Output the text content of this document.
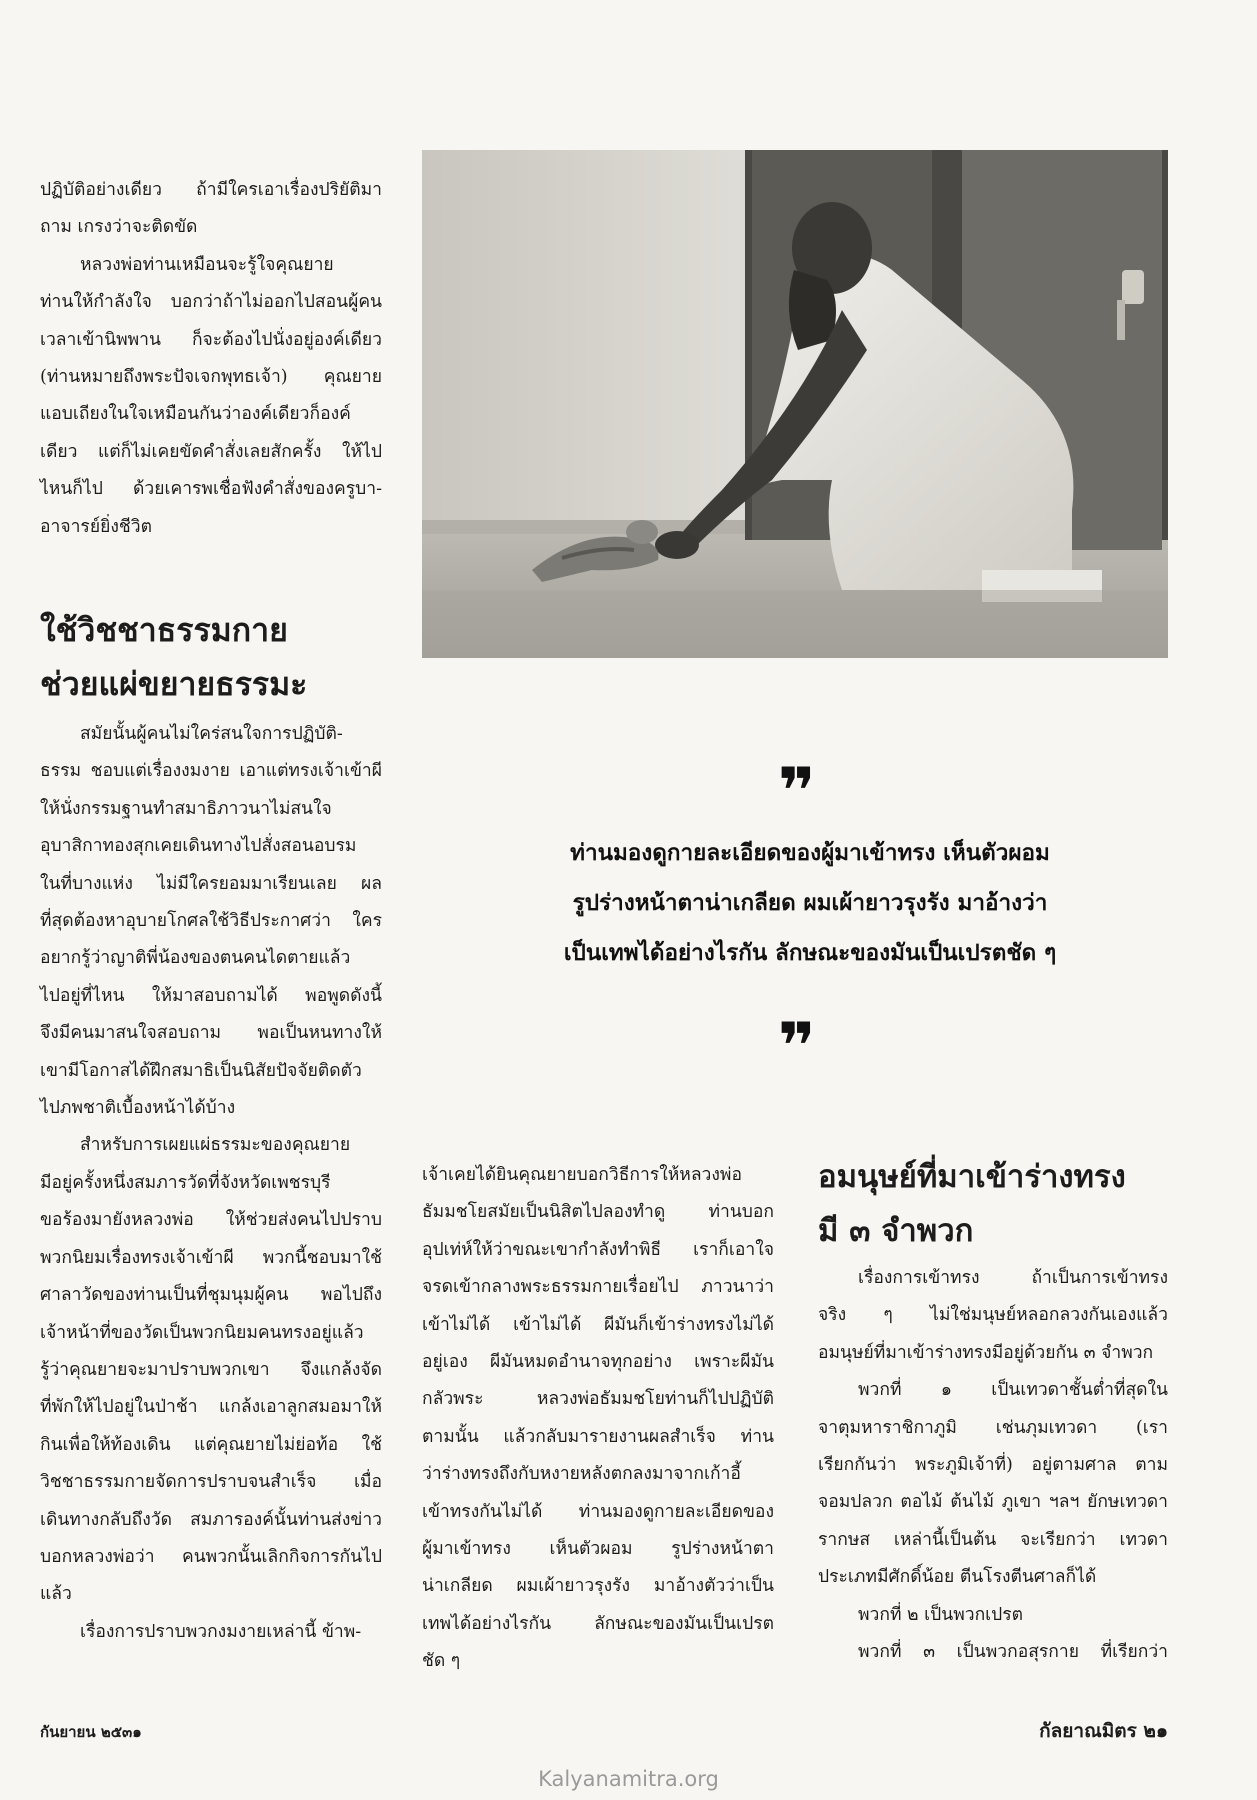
ปฏิบัติอย่างเดียว ถ้ามีใครเอาเรื่องปริยัติมา

ถาม เกรงว่าจะติดขัด

หลวงพ่อท่านเหมือนจะรู้ใจคุณยาย

ท่านให้กำลังใจ บอกว่าถ้าไม่ออกไปสอนผู้คน

เวลาเข้านิพพาน ก็จะต้องไปนั่งอยู่องค์เดียว

(ท่านหมายถึงพระปัจเจกพุทธเจ้า) คุณยาย

แอบเถียงในใจเหมือนกันว่าองค์เดียวก็องค์

เดียว แต่ก็ไม่เคยขัดคำสั่งเลยสักครั้ง ให้ไป

ไหนก็ไป ด้วยเคารพเชื่อฟังคำสั่งของครูบา-

อาจารย์ยิ่งชีวิต

ใช้วิชชาธรรมกาย
ช่วยแผ่ขยายธรรมะ

สมัยนั้นผู้คนไม่ใคร่สนใจการปฏิบัติ-

ธรรม ชอบแต่เรื่องงมงาย เอาแต่ทรงเจ้าเข้าผี

ให้นั่งกรรมฐานทำสมาธิภาวนาไม่สนใจ

อุบาสิกาทองสุกเคยเดินทางไปสั่งสอนอบรม

ในที่บางแห่ง ไม่มีใครยอมมาเรียนเลย ผล

ที่สุดต้องหาอุบายโกศลใช้วิธีประกาศว่า ใคร

อยากรู้ว่าญาติพี่น้องของตนคนไดตายแล้ว

ไปอยู่ที่ไหน ให้มาสอบถามได้ พอพูดดังนี้

จึงมีคนมาสนใจสอบถาม พอเป็นหนทางให้

เขามีโอกาสได้ฝึกสมาธิเป็นนิสัยปัจจัยติดตัว

ไปภพชาติเบื้องหน้าได้บ้าง

สำหรับการเผยแผ่ธรรมะของคุณยาย

มีอยู่ครั้งหนึ่งสมภารวัดที่จังหวัดเพชรบุรี

ขอร้องมายังหลวงพ่อ ให้ช่วยส่งคนไปปราบ

พวกนิยมเรื่องทรงเจ้าเข้าผี พวกนี้ชอบมาใช้

ศาลาวัดของท่านเป็นที่ชุมนุมผู้คน พอไปถึง

เจ้าหน้าที่ของวัดเป็นพวกนิยมคนทรงอยู่แล้ว

รู้ว่าคุณยายจะมาปราบพวกเขา จึงแกล้งจัด

ที่พักให้ไปอยู่ในป่าช้า แกล้งเอาลูกสมอมาให้

กินเพื่อให้ท้องเดิน แต่คุณยายไม่ย่อท้อ ใช้

วิชชาธรรมกายจัดการปราบจนสำเร็จ เมื่อ

เดินทางกลับถึงวัด สมภารองค์นั้นท่านส่งข่าว

บอกหลวงพ่อว่า คนพวกนั้นเลิกกิจการกันไป

แล้ว

เรื่องการปราบพวกงมงายเหล่านี้ ข้าพ-

❞

ท่านมองดูกายละเอียดของผู้มาเข้าทรง เห็นตัวผอม

รูปร่างหน้าตาน่าเกลียด ผมเผ้ายาวรุงรัง มาอ้างว่า

เป็นเทพได้อย่างไรกัน ลักษณะของมันเป็นเปรตชัด ๆ

❞

เจ้าเคยได้ยินคุณยายบอกวิธีการให้หลวงพ่อ

ธัมมชโยสมัยเป็นนิสิตไปลองทำดู ท่านบอก

อุปเท่ห์ให้ว่าขณะเขากำลังทำพิธี เราก็เอาใจ

จรดเข้ากลางพระธรรมกายเรื่อยไป ภาวนาว่า

เข้าไม่ได้ เข้าไม่ได้ ผีมันก็เข้าร่างทรงไม่ได้

อยู่เอง ผีมันหมดอำนาจทุกอย่าง เพราะผีมัน

กลัวพระ หลวงพ่อธัมมชโยท่านก็ไปปฏิบัติ

ตามนั้น แล้วกลับมารายงานผลสำเร็จ ท่าน

ว่าร่างทรงถึงกับหงายหลังตกลงมาจากเก้าอี้

เข้าทรงกันไม่ได้ ท่านมองดูกายละเอียดของ

ผู้มาเข้าทรง เห็นตัวผอม รูปร่างหน้าตา

น่าเกลียด ผมเผ้ายาวรุงรัง มาอ้างตัวว่าเป็น

เทพได้อย่างไรกัน ลักษณะของมันเป็นเปรต

ชัด ๆ

อมนุษย์ที่มาเข้าร่างทรง
มี ๓ จำพวก

เรื่องการเข้าทรง ถ้าเป็นการเข้าทรง

จริง ๆ ไม่ใช่มนุษย์หลอกลวงกันเองแล้ว

อมนุษย์ที่มาเข้าร่างทรงมีอยู่ด้วยกัน ๓ จำพวก

พวกที่ ๑ เป็นเทวดาชั้นต่ำที่สุดใน

จาตุมหาราชิกาภูมิ เช่นภุมเทวดา (เรา

เรียกกันว่า พระภูมิเจ้าที่) อยู่ตามศาล ตาม

จอมปลวก ตอไม้ ต้นไม้ ภูเขา ฯลฯ ยักษเทวดา

รากษส เหล่านี้เป็นต้น จะเรียกว่า เทวดา

ประเภทมีศักดิ์น้อย ตีนโรงตีนศาลก็ได้

พวกที่ ๒ เป็นพวกเปรต

พวกที่ ๓ เป็นพวกอสุรกาย ที่เรียกว่า

กันยายน ๒๕๓๑	กัลยาณมิตร ๒๑
Kalyanamitra.org
